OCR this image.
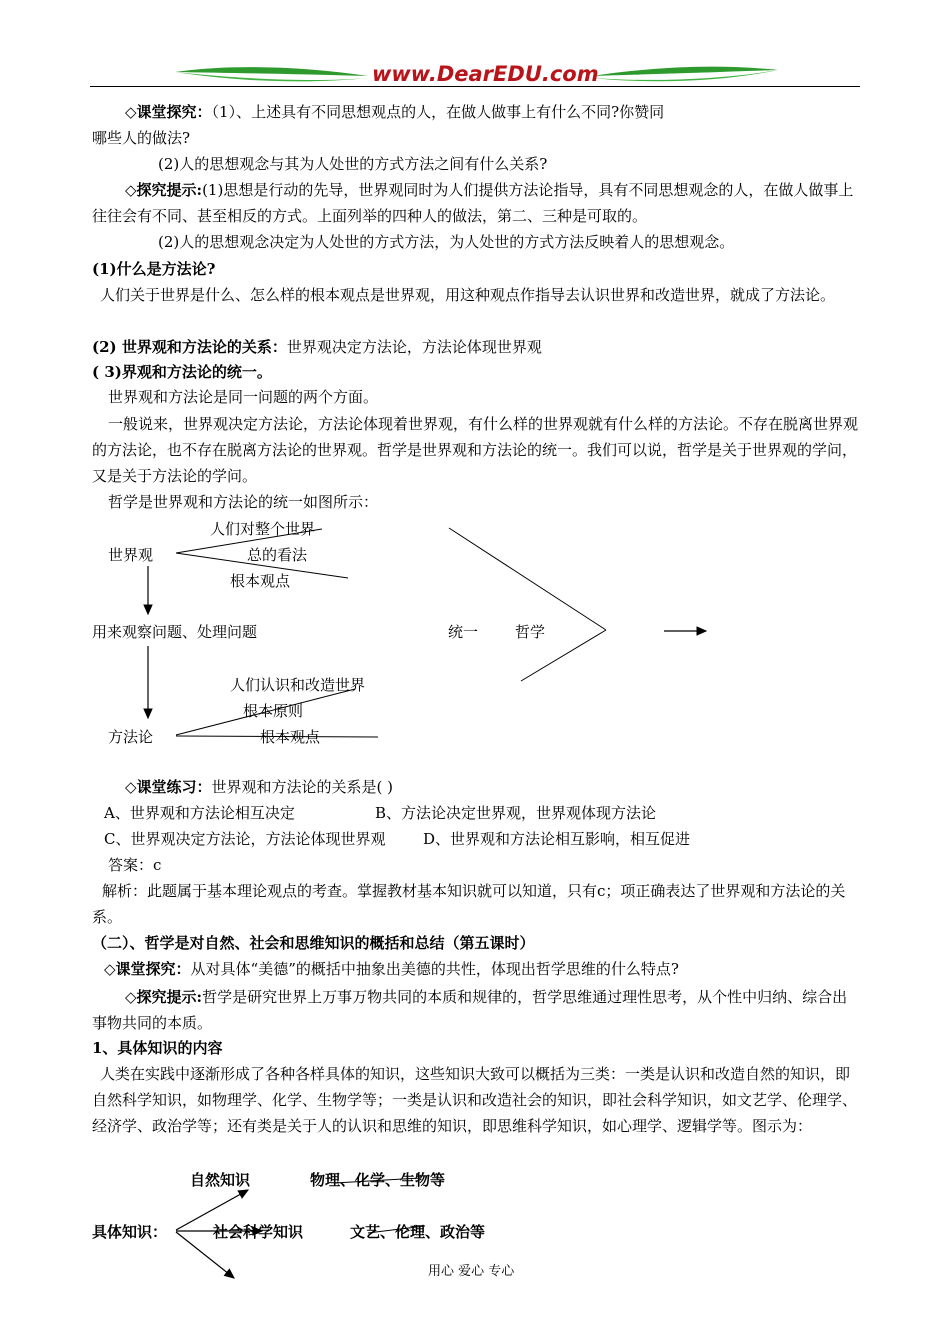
www.DearEDU.com
◇课堂探究：（1）、上述具有不同思想观点的人，在做人做事上有什么不同?你赞同
哪些人的做法?
(2)人的思想观念与其为人处世的方式方法之间有什么关系?
◇探究提示:(1)思想是行动的先导，世界观同时为人们提供方法论指导，具有不同思想观念的人，在做人做事上往往会有不同、甚至相反的方式。上面列举的四种人的做法，第二、三种是可取的。
(2)人的思想观念决定为人处世的方式方法，为人处世的方式方法反映着人的思想观念。
(1)什么是方法论?
人们关于世界是什么、怎么样的根本观点是世界观，用这种观点作指导去认识世界和改造世界，就成了方法论。
(2) 世界观和方法论的关系：世界观决定方法论，方法论体现世界观
( 3)界观和方法论的统一。
世界观和方法论是同一问题的两个方面。
一般说来，世界观决定方法论，方法论体现着世界观，有什么样的世界观就有什么样的方法论。不存在脱离世界观的方法论，也不存在脱离方法论的世界观。哲学是世界观和方法论的统一。我们可以说，哲学是关于世界观的学问，又是关于方法论的学问。
哲学是世界观和方法论的统一如图所示：
世界观
人们对整个世界
总的看法
根本观点
用来观察问题、处理问题
人们认识和改造世界
根本原则
方法论	根本观点
统一 哲学
◇课堂练习：世界观和方法论的关系是( )
A、世界观和方法论相互决定	B、方法论决定世界观，世界观体现方法论
C、世界观决定方法论，方法论体现世界观	D、世界观和方法论相互影响，相互促进
答案：c
解析：此题属于基本理论观点的考查。掌握教材基本知识就可以知道，只有c；项正确表达了世界观和方法论的关系。
（二）、哲学是对自然、社会和思维知识的概括和总结（第五课时）
◇课堂探究：从对具体“美德”的概括中抽象出美德的共性，体现出哲学思维的什么特点?
◇探究提示:哲学是研究世界上万事万物共同的本质和规律的，哲学思维通过理性思考，从个性中归纳、综合出事物共同的本质。
1、具体知识的内容
人类在实践中逐渐形成了各种各样具体的知识，这些知识大致可以概括为三类：一类是认识和改造自然的知识，即自然科学知识，如物理学、化学、生物学等；一类是认识和改造社会的知识，即社会科学知识，如文艺学、伦理学、经济学、政治学等；还有类是关于人的认识和思维的知识，即思维科学知识，如心理学、逻辑学等。图示为：
具体知识：
自然知识	物理、化学、生物等
社会科学知识	文艺、伦理、政治等
用心 爱心 专心
